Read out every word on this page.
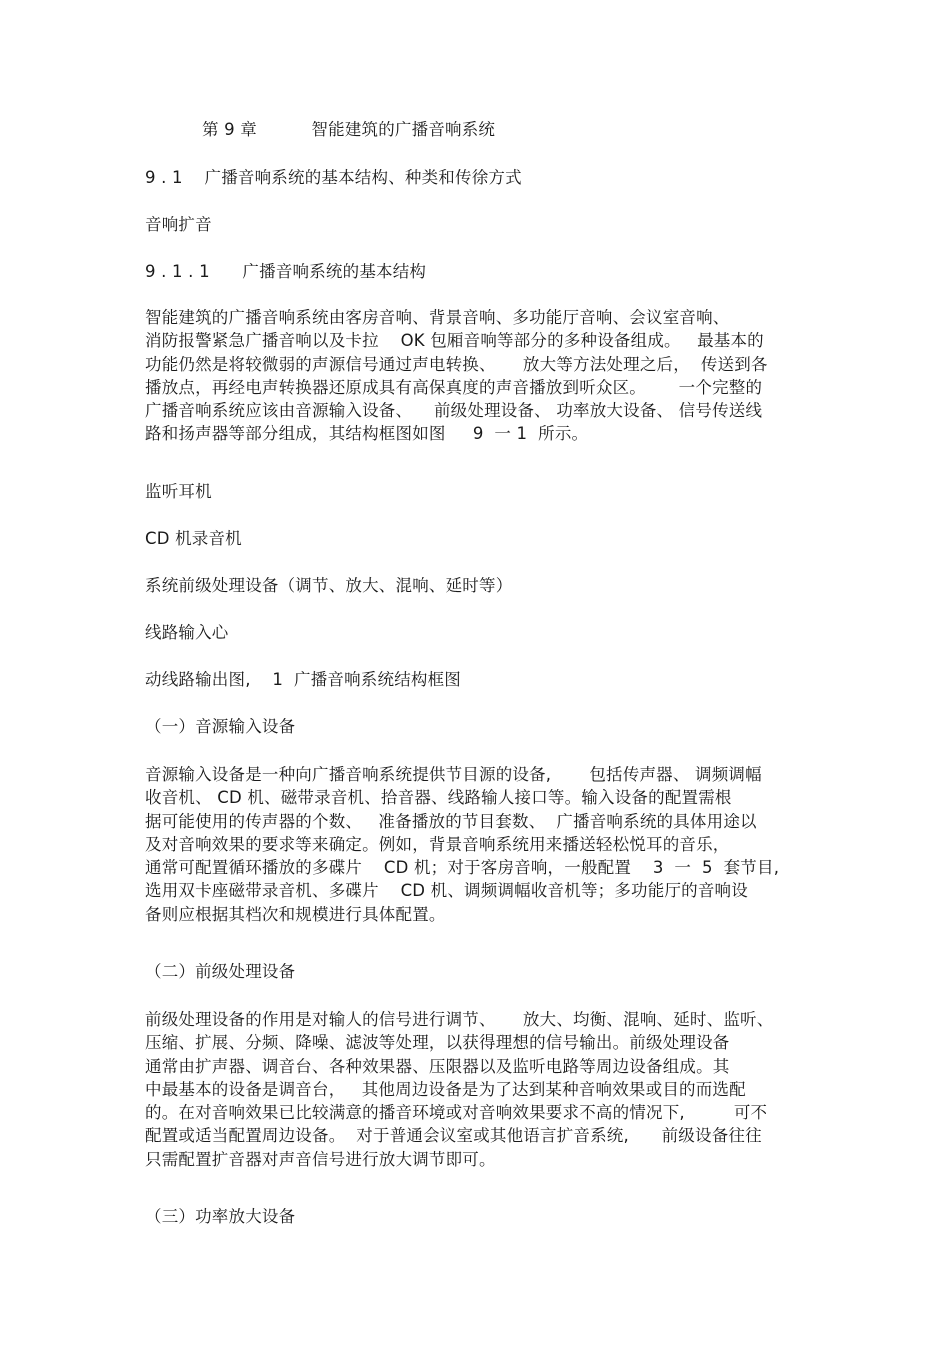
第 9 章          智能建筑的广播音响系统
9 . 1    广播音响系统的基本结构、种类和传徐方式
音响扩音
9 . 1 . 1      广播音响系统的基本结构
智能建筑的广播音响系统由客房音响、背景音响、多功能厅音响、会议室音响、
消防报警紧急广播音响以及卡拉    OK 包厢音响等部分的多种设备组成。   最基本的
功能仍然是将较微弱的声源信号通过声电转换、     放大等方法处理之后，  传送到各
播放点，再经电声转换器还原成具有高保真度的声音播放到听众区。      一个完整的
广播音响系统应该由音源输入设备、    前级处理设备、 功率放大设备、 信号传送线
路和扬声器等部分组成，其结构框图如图     9  一 1  所示。
监听耳机
CD 机录音机
系统前级处理设备（调节、放大、混响、延时等）
线路输入心
动线路输出图,    1  广播音响系统结构框图
（一）音源输入设备
音源输入设备是一种向广播音响系统提供节目源的设备,       包括传声器、 调频调幅
收音机、 CD 机、磁带录音机、拾音器、线路输人接口等。输入设备的配置需根
据可能使用的传声器的个数、   准备播放的节目套数、  广播音响系统的具体用途以
及对音响效果的要求等来确定。例如，背景音响系统用来播送轻松悦耳的音乐，
通常可配置循环播放的多碟片    CD 机；对于客房音响，一般配置    3  一  5  套节目,
选用双卡座磁带录音机、多碟片    CD 机、调频调幅收音机等；多功能厅的音响设
备则应根据其档次和规模进行具体配置。
（二）前级处理设备
前级处理设备的作用是对输人的信号进行调节、     放大、均衡、混响、延时、监听、
压缩、扩展、分频、降噪、滤波等处理，以获得理想的信号输出。前级处理设备
通常由扩声器、调音台、各种效果器、压限器以及监听电路等周边设备组成。其
中最基本的设备是调音台，   其他周边设备是为了达到某种音响效果或目的而选配
的。在对音响效果已比较满意的播音环境或对音响效果要求不高的情况下,         可不
配置或适当配置周边设备。  对于普通会议室或其他语言扩音系统,      前级设备往往
只需配置扩音器对声音信号进行放大调节即可。
（三）功率放大设备
